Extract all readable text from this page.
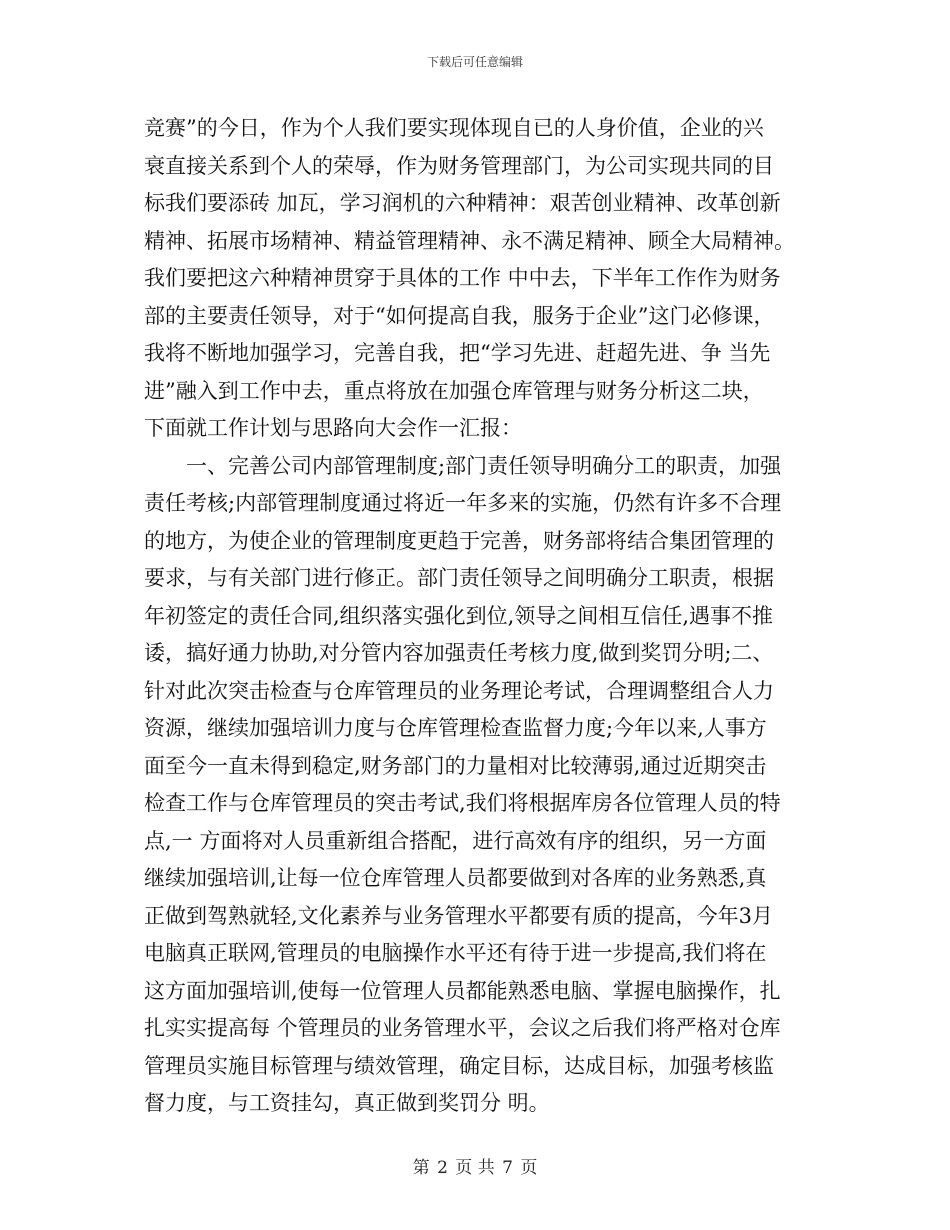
下载后可任意编辑
竞赛”的今日，作为个人我们要实现体现自已的人身价值，企业的兴
衰直接关系到个人的荣辱，作为财务管理部门，为公司实现共同的目
标我们要添砖 加瓦，学习润机的六种精神：艰苦创业精神、改革创新
精神、拓展市场精神、精益管理精神、永不满足精神、顾全大局精神。
我们要把这六种精神贯穿于具体的工作 中中去，下半年工作作为财务
部的主要责任领导，对于“如何提高自我，服务于企业”这门必修课，
我将不断地加强学习，完善自我，把“学习先进、赶超先进、争 当先
进”融入到工作中去，重点将放在加强仓库管理与财务分析这二块，
下面就工作计划与思路向大会作一汇报：
　　一、完善公司内部管理制度;部门责任领导明确分工的职责，加强
责任考核;内部管理制度通过将近一年多来的实施，仍然有许多不合理
的地方，为使企业的管理制度更趋于完善，财务部将结合集团管理的
要求，与有关部门进行修正。部门责任领导之间明确分工职责，根据
年初签定的责任合同,组织落实强化到位,领导之间相互信任,遇事不推
诿，搞好通力协助,对分管内容加强责任考核力度,做到奖罚分明;二、
针对此次突击检查与仓库管理员的业务理论考试，合理调整组合人力
资源，继续加强培训力度与仓库管理检查监督力度;今年以来,人事方
面至今一直未得到稳定,财务部门的力量相对比较薄弱,通过近期突击
检查工作与仓库管理员的突击考试,我们将根据库房各位管理人员的特
点,一 方面将对人员重新组合搭配，进行高效有序的组织，另一方面
继续加强培训,让每一位仓库管理人员都要做到对各库的业务熟悉,真
正做到驾熟就轻,文化素养与业务管理水平都要有质的提高，今年3月
电脑真正联网,管理员的电脑操作水平还有待于进一步提高,我们将在
这方面加强培训,使每一位管理人员都能熟悉电脑、掌握电脑操作，扎
扎实实提高每 个管理员的业务管理水平，会议之后我们将严格对仓库
管理员实施目标管理与绩效管理，确定目标，达成目标，加强考核监
督力度，与工资挂勾，真正做到奖罚分 明。
第 2 页 共 7 页
